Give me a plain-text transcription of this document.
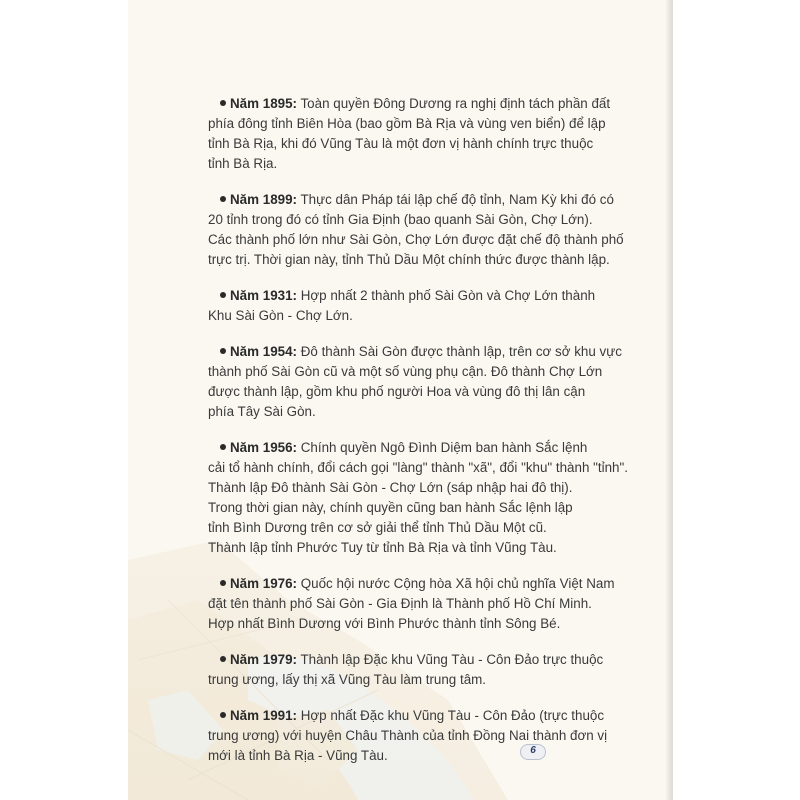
Năm 1895: Toàn quyền Đông Dương ra nghị định tách phần đất
phía đông tỉnh Biên Hòa (bao gồm Bà Rịa và vùng ven biển) để lập
tỉnh Bà Rịa, khi đó Vũng Tàu là một đơn vị hành chính trực thuộc
tỉnh Bà Rịa.
Năm 1899: Thực dân Pháp tái lập chế độ tỉnh, Nam Kỳ khi đó có
20 tỉnh trong đó có tỉnh Gia Định (bao quanh Sài Gòn, Chợ Lớn).
Các thành phố lớn như Sài Gòn, Chợ Lớn được đặt chế độ thành phố
trực trị. Thời gian này, tỉnh Thủ Dầu Một chính thức được thành lập.
Năm 1931: Hợp nhất 2 thành phố Sài Gòn và Chợ Lớn thành
Khu Sài Gòn - Chợ Lớn.
Năm 1954: Đô thành Sài Gòn được thành lập, trên cơ sở khu vực
thành phố Sài Gòn cũ và một số vùng phụ cận. Đô thành Chợ Lớn
được thành lập, gồm khu phố người Hoa và vùng đô thị lân cận
phía Tây Sài Gòn.
Năm 1956: Chính quyền Ngô Đình Diệm ban hành Sắc lệnh
cải tổ hành chính, đổi cách gọi "làng" thành "xã", đổi "khu" thành "tỉnh".
Thành lập Đô thành Sài Gòn - Chợ Lớn (sáp nhập hai đô thị).
Trong thời gian này, chính quyền cũng ban hành Sắc lệnh lập
tỉnh Bình Dương trên cơ sở giải thể tỉnh Thủ Dầu Một cũ.
Thành lập tỉnh Phước Tuy từ tỉnh Bà Rịa và tỉnh Vũng Tàu.
Năm 1976: Quốc hội nước Cộng hòa Xã hội chủ nghĩa Việt Nam
đặt tên thành phố Sài Gòn - Gia Định là Thành phố Hồ Chí Minh.
Hợp nhất Bình Dương với Bình Phước thành tỉnh Sông Bé.
Năm 1979: Thành lập Đặc khu Vũng Tàu - Côn Đảo trực thuộc
trung ương, lấy thị xã Vũng Tàu làm trung tâm.
Năm 1991: Hợp nhất Đặc khu Vũng Tàu - Côn Đảo (trực thuộc
trung ương) với huyện Châu Thành của tỉnh Đồng Nai thành đơn vị
mới là tỉnh Bà Rịa - Vũng Tàu.	6
